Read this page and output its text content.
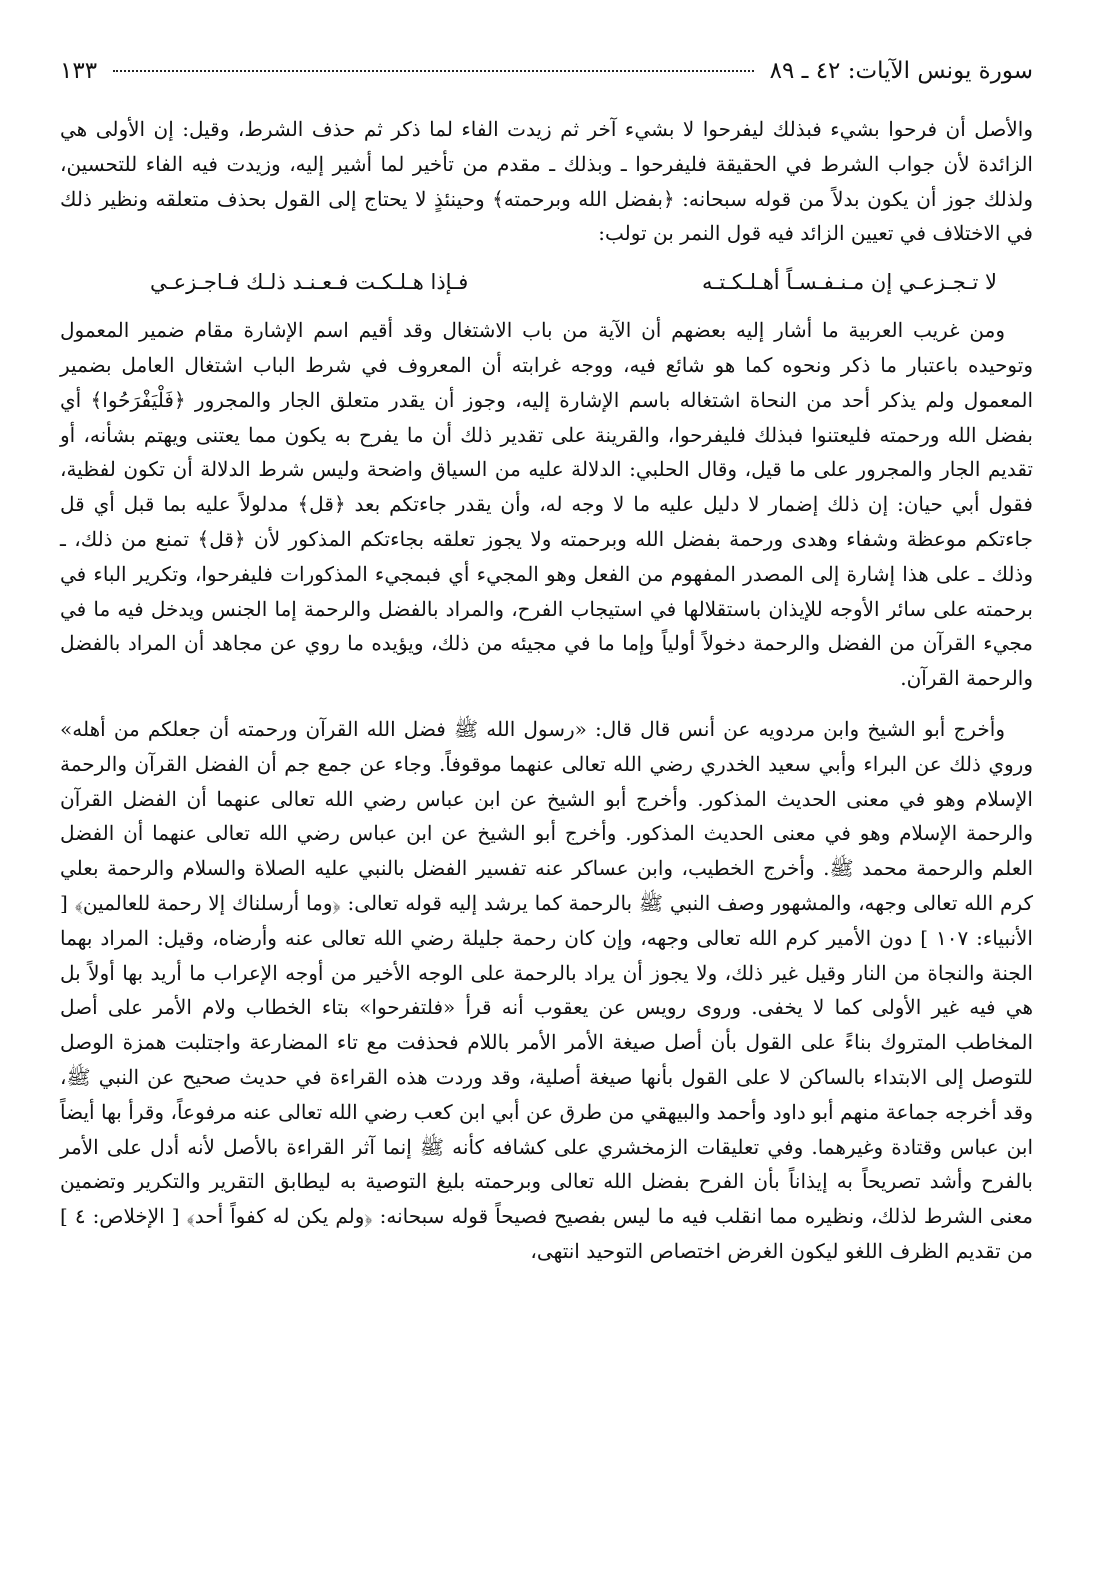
سورة يونس الآيات: ٤٢ ـ ٨٩
١٣٣

والأصل أن فرحوا بشيء فبذلك ليفرحوا لا بشيء آخر ثم زيدت الفاء لما ذكر ثم حذف الشرط، وقيل: إن الأولى هي الزائدة لأن جواب الشرط في الحقيقة فليفرحوا ـ وبذلك ـ مقدم من تأخير لما أشير إليه، وزيدت فيه الفاء للتحسين، ولذلك جوز أن يكون بدلاً من قوله سبحانه: ﴿بفضل الله وبرحمته﴾ وحينئذٍ لا يحتاج إلى القول بحذف متعلقه ونظير ذلك في الاختلاف في تعيين الزائد فيه قول النمر بن تولب:

لا تـجـزعـي إن مـنـفـسـاً أهـلـكـتـه
فـإذا هـلـكـت فـعـنـد ذلـك فـاجـزعـي

ومن غريب العربية ما أشار إليه بعضهم أن الآية من باب الاشتغال وقد أقيم اسم الإشارة مقام ضمير المعمول وتوحيده باعتبار ما ذكر ونحوه كما هو شائع فيه، ووجه غرابته أن المعروف في شرط الباب اشتغال العامل بضمير المعمول ولم يذكر أحد من النحاة اشتغاله باسم الإشارة إليه، وجوز أن يقدر متعلق الجار والمجرور ﴿فَلْيَفْرَحُوا﴾ أي بفضل الله ورحمته فليعتنوا فبذلك فليفرحوا، والقرينة على تقدير ذلك أن ما يفرح به يكون مما يعتنى ويهتم بشأنه، أو تقديم الجار والمجرور على ما قيل، وقال الحلبي: الدلالة عليه من السياق واضحة وليس شرط الدلالة أن تكون لفظية، فقول أبي حيان: إن ذلك إضمار لا دليل عليه ما لا وجه له، وأن يقدر جاءتكم بعد ﴿قل﴾ مدلولاً عليه بما قبل أي قل جاءتكم موعظة وشفاء وهدى ورحمة بفضل الله وبرحمته ولا يجوز تعلقه بجاءتكم المذكور لأن ﴿قل﴾ تمنع من ذلك، ـ وذلك ـ على هذا إشارة إلى المصدر المفهوم من الفعل وهو المجيء أي فبمجيء المذكورات فليفرحوا، وتكرير الباء في برحمته على سائر الأوجه للإيذان باستقلالها في استيجاب الفرح، والمراد بالفضل والرحمة إما الجنس ويدخل فيه ما في مجيء القرآن من الفضل والرحمة دخولاً أولياً وإما ما في مجيئه من ذلك، ويؤيده ما روي عن مجاهد أن المراد بالفضل والرحمة القرآن.

وأخرج أبو الشيخ وابن مردويه عن أنس قال قال: «رسول الله ﷺ فضل الله القرآن ورحمته أن جعلكم من أهله» وروي ذلك عن البراء وأبي سعيد الخدري رضي الله تعالى عنهما موقوفاً. وجاء عن جمع جم أن الفضل القرآن والرحمة الإسلام وهو في معنى الحديث المذكور. وأخرج أبو الشيخ عن ابن عباس رضي الله تعالى عنهما أن الفضل القرآن والرحمة الإسلام وهو في معنى الحديث المذكور. وأخرج أبو الشيخ عن ابن عباس رضي الله تعالى عنهما أن الفضل العلم والرحمة محمد ﷺ. وأخرج الخطيب، وابن عساكر عنه تفسير الفضل بالنبي عليه الصلاة والسلام والرحمة بعلي كرم الله تعالى وجهه، والمشهور وصف النبي ﷺ بالرحمة كما يرشد إليه قوله تعالى: ﴿وما أرسلناك إلا رحمة للعالمين﴾ [ الأنبياء: ١٠٧ ] دون الأمير كرم الله تعالى وجهه، وإن كان رحمة جليلة رضي الله تعالى عنه وأرضاه، وقيل: المراد بهما الجنة والنجاة من النار وقيل غير ذلك، ولا يجوز أن يراد بالرحمة على الوجه الأخير من أوجه الإعراب ما أريد بها أولاً بل هي فيه غير الأولى كما لا يخفى. وروى رويس عن يعقوب أنه قرأ «فلتفرحوا» بتاء الخطاب ولام الأمر على أصل المخاطب المتروك بناءً على القول بأن أصل صيغة الأمر الأمر باللام فحذفت مع تاء المضارعة واجتلبت همزة الوصل للتوصل إلى الابتداء بالساكن لا على القول بأنها صيغة أصلية، وقد وردت هذه القراءة في حديث صحيح عن النبي ﷺ، وقد أخرجه جماعة منهم أبو داود وأحمد والبيهقي من طرق عن أبي ابن كعب رضي الله تعالى عنه مرفوعاً، وقرأ بها أيضاً ابن عباس وقتادة وغيرهما. وفي تعليقات الزمخشري على كشافه كأنه ﷺ إنما آثر القراءة بالأصل لأنه أدل على الأمر بالفرح وأشد تصريحاً به إيذاناً بأن الفرح بفضل الله تعالى وبرحمته بليغ التوصية به ليطابق التقرير والتكرير وتضمين معنى الشرط لذلك، ونظيره مما انقلب فيه ما ليس بفصيح فصيحاً قوله سبحانه: ﴿ولم يكن له كفواً أحد﴾ [ الإخلاص: ٤ ] من تقديم الظرف اللغو ليكون الغرض اختصاص التوحيد انتهى،
